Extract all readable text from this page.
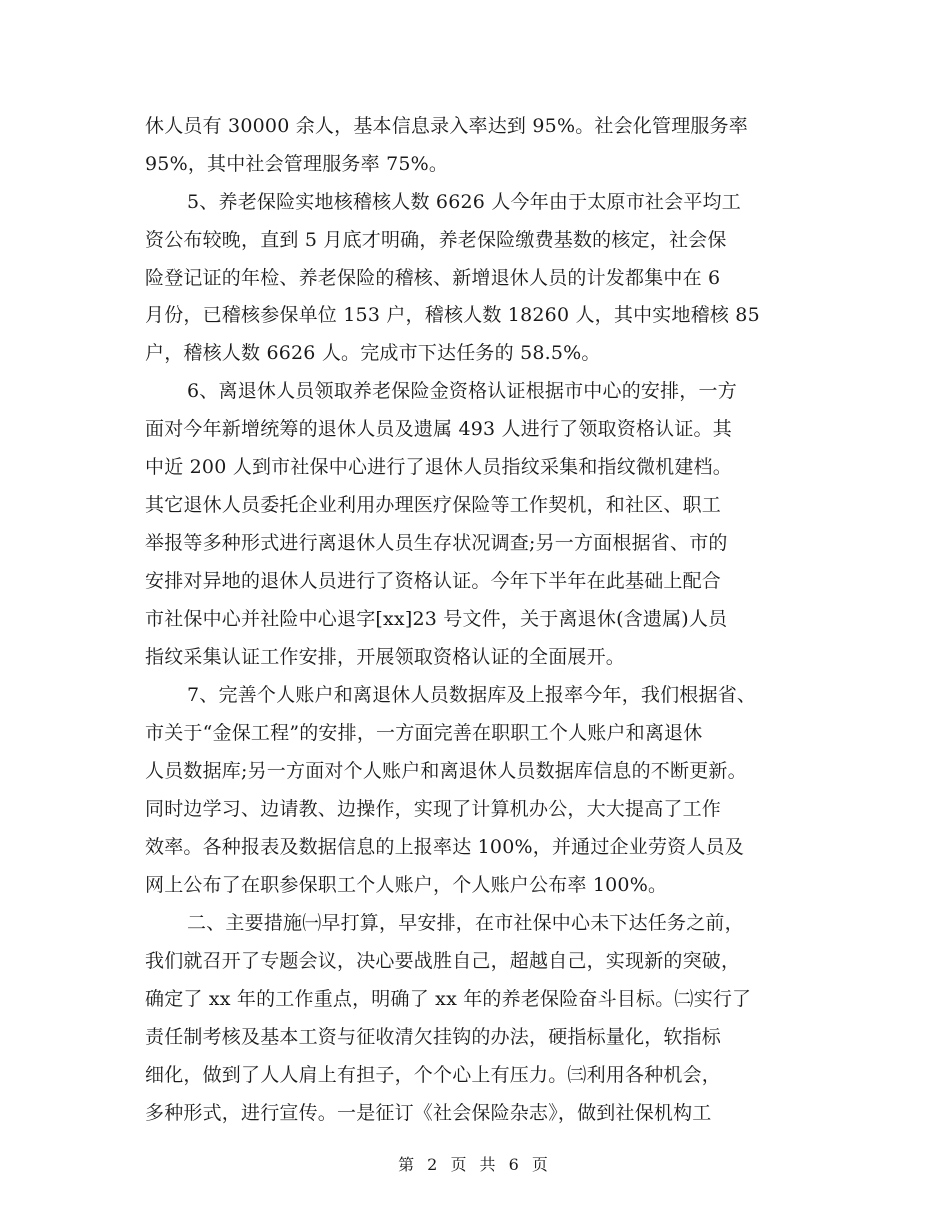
休人员有 30000 余人，基本信息录入率达到 95%。社会化管理服务率
95%，其中社会管理服务率 75%。
5、养老保险实地核稽核人数 6626 人今年由于太原市社会平均工
资公布较晚，直到 5 月底才明确，养老保险缴费基数的核定，社会保
险登记证的年检、养老保险的稽核、新增退休人员的计发都集中在 6
月份，已稽核参保单位 153 户，稽核人数 18260 人，其中实地稽核 85
户，稽核人数 6626 人。完成市下达任务的 58.5%。
6、离退休人员领取养老保险金资格认证根据市中心的安排，一方
面对今年新增统筹的退休人员及遗属 493 人进行了领取资格认证。其
中近 200 人到市社保中心进行了退休人员指纹采集和指纹微机建档。
其它退休人员委托企业利用办理医疗保险等工作契机，和社区、职工
举报等多种形式进行离退休人员生存状况调查;另一方面根据省、市的
安排对异地的退休人员进行了资格认证。今年下半年在此基础上配合
市社保中心并社险中心退字[xx]23 号文件，关于离退休(含遗属)人员
指纹采集认证工作安排，开展领取资格认证的全面展开。
7、完善个人账户和离退休人员数据库及上报率今年，我们根据省、
市关于“金保工程”的安排，一方面完善在职职工个人账户和离退休
人员数据库;另一方面对个人账户和离退休人员数据库信息的不断更新。
同时边学习、边请教、边操作，实现了计算机办公，大大提高了工作
效率。各种报表及数据信息的上报率达 100%，并通过企业劳资人员及
网上公布了在职参保职工个人账户，个人账户公布率 100%。
二、主要措施㈠早打算，早安排，在市社保中心未下达任务之前，
我们就召开了专题会议，决心要战胜自己，超越自己，实现新的突破，
确定了 xx 年的工作重点，明确了 xx 年的养老保险奋斗目标。㈡实行了
责任制考核及基本工资与征收清欠挂钩的办法，硬指标量化，软指标
细化，做到了人人肩上有担子，个个心上有压力。㈢利用各种机会，
多种形式，进行宣传。一是征订《社会保险杂志》，做到社保机构工
第 2 页 共 6 页
